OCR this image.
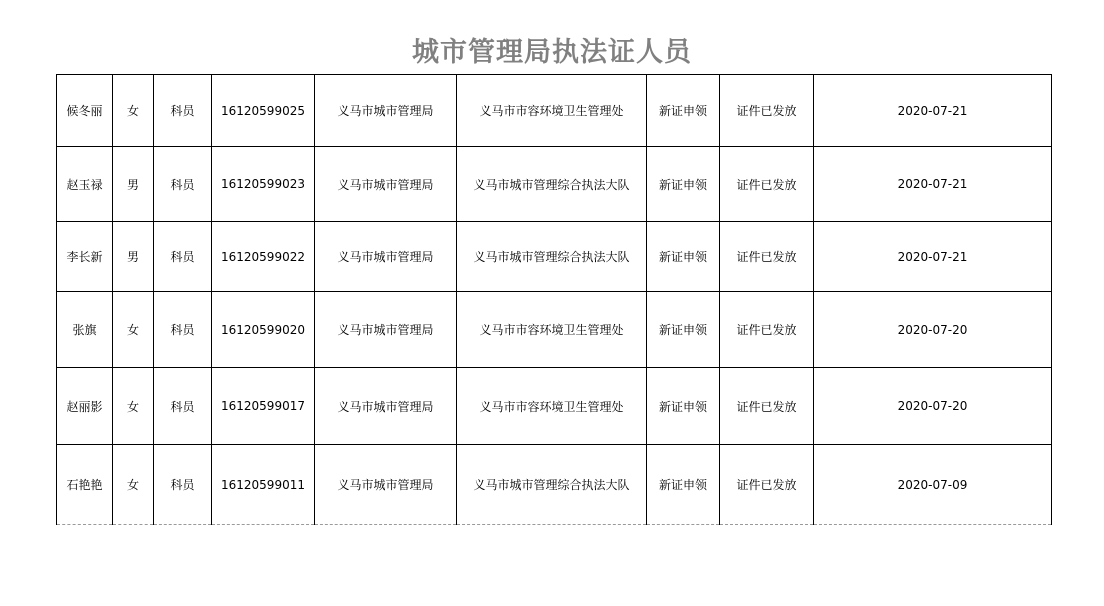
城市管理局执法证人员
候冬丽	女	科员	16120599025	义马市城市管理局	义马市市容环境卫生管理处	新证申领	证件已发放	2020-07-21
赵玉禄	男	科员	16120599023	义马市城市管理局	义马市城市管理综合执法大队	新证申领	证件已发放	2020-07-21
李长新	男	科员	16120599022	义马市城市管理局	义马市城市管理综合执法大队	新证申领	证件已发放	2020-07-21
张旗	女	科员	16120599020	义马市城市管理局	义马市市容环境卫生管理处	新证申领	证件已发放	2020-07-20
赵丽影	女	科员	16120599017	义马市城市管理局	义马市市容环境卫生管理处	新证申领	证件已发放	2020-07-20
石艳艳	女	科员	16120599011	义马市城市管理局	义马市城市管理综合执法大队	新证申领	证件已发放	2020-07-09
